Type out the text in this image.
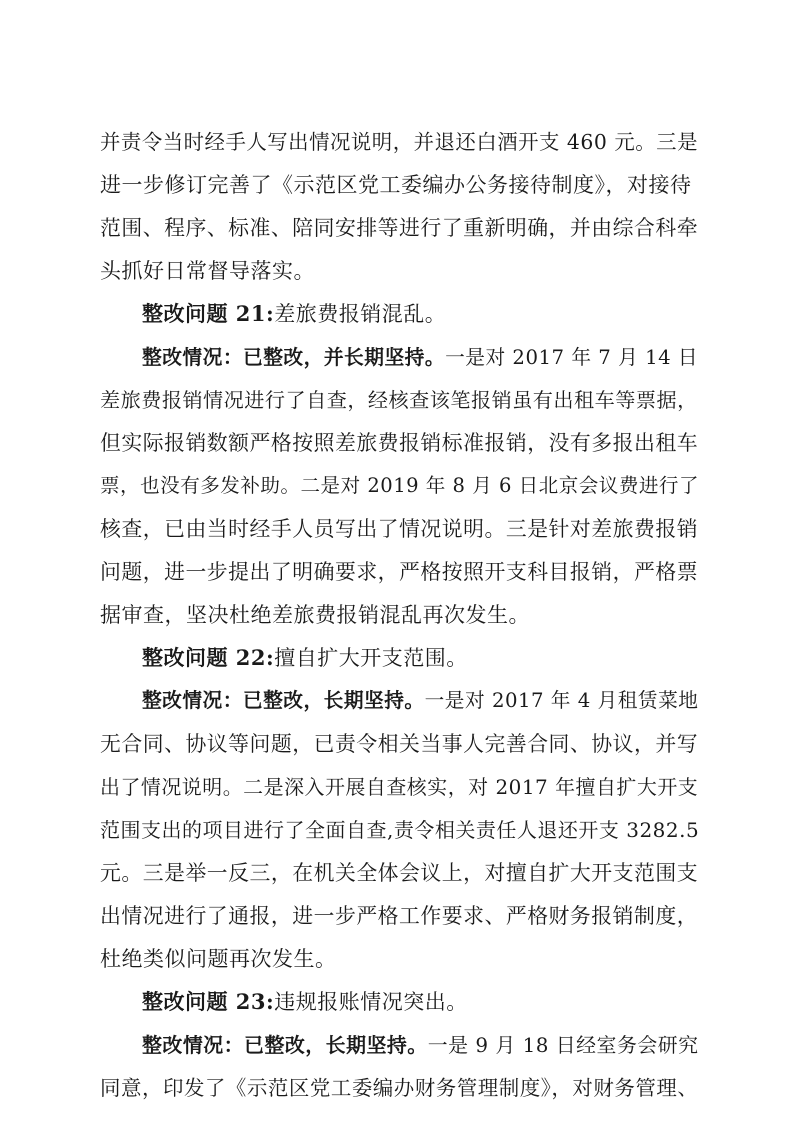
并责令当时经手人写出情况说明，并退还白酒开支 460 元。三是
进一步修订完善了《示范区党工委编办公务接待制度》，对接待
范围、程序、标准、陪同安排等进行了重新明确，并由综合科牵
头抓好日常督导落实。
整改问题 21:差旅费报销混乱。
整改情况：已整改，并长期坚持。一是对 2017 年 7 月 14 日
差旅费报销情况进行了自查，经核查该笔报销虽有出租车等票据，
但实际报销数额严格按照差旅费报销标准报销，没有多报出租车
票，也没有多发补助。二是对 2019 年 8 月 6 日北京会议费进行了
核查，已由当时经手人员写出了情况说明。三是针对差旅费报销
问题，进一步提出了明确要求，严格按照开支科目报销，严格票
据审查，坚决杜绝差旅费报销混乱再次发生。
整改问题 22:擅自扩大开支范围。
整改情况：已整改，长期坚持。一是对 2017 年 4 月租赁菜地
无合同、协议等问题，已责令相关当事人完善合同、协议，并写
出了情况说明。二是深入开展自查核实，对 2017 年擅自扩大开支
范围支出的项目进行了全面自查,责令相关责任人退还开支 3282.5
元。三是举一反三，在机关全体会议上，对擅自扩大开支范围支
出情况进行了通报，进一步严格工作要求、严格财务报销制度，
杜绝类似问题再次发生。
整改问题 23:违规报账情况突出。
整改情况：已整改，长期坚持。一是 9 月 18 日经室务会研究
同意，印发了《示范区党工委编办财务管理制度》，对财务管理、
